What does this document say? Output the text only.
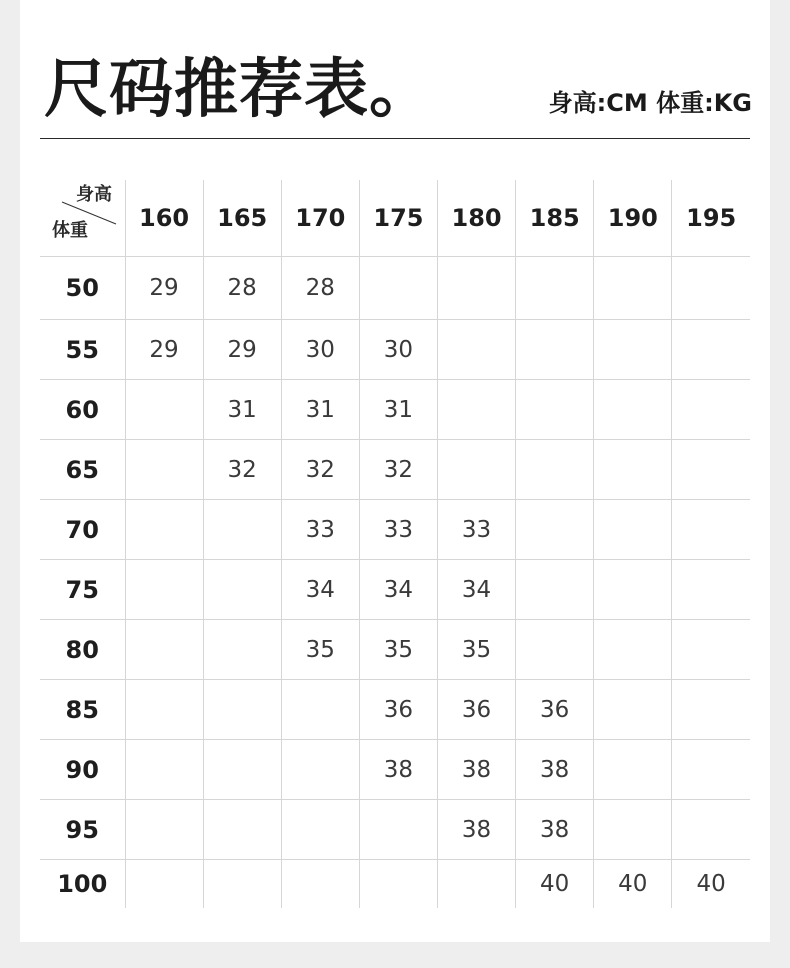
尺码推荐表。	身高:CM 体重:KG
身高
体重	160	165	170	175	180	185	190	195
50	29	28	28					
55	29	29	30	30				
60		31	31	31				
65		32	32	32				
70			33	33	33			
75			34	34	34			
80			35	35	35			
85				36	36	36		
90				38	38	38		
95					38	38		
100						40	40	40
